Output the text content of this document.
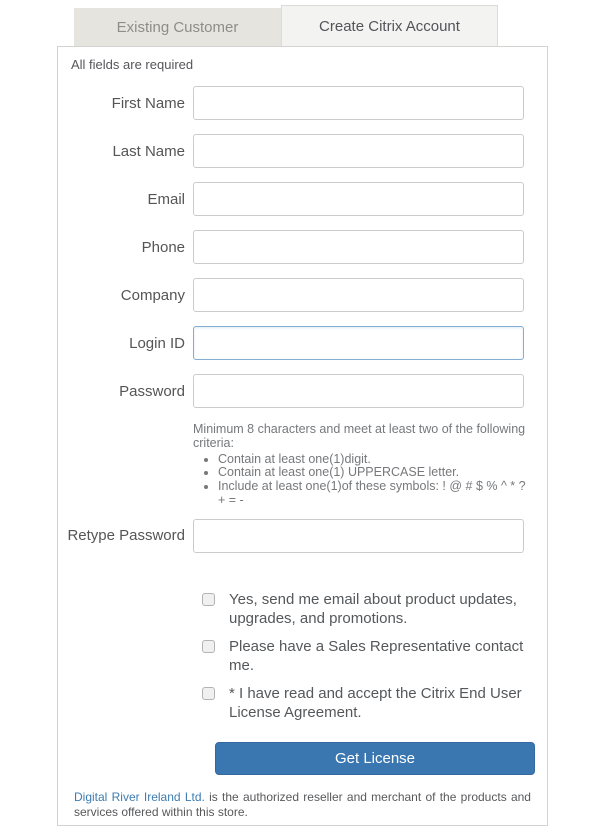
Existing Customer	Create Citrix Account
All fields are required
First Name
Last Name
Email
Phone
Company
Login ID
Password
Minimum 8 characters and meet at least two of the following criteria:
• Contain at least one(1)digit.
• Contain at least one(1) UPPERCASE letter.
• Include at least one(1)of these symbols: ! @ # $ % ^ * ? + = -
Retype Password
Yes, send me email about product updates, upgrades, and promotions.
Please have a Sales Representative contact me.
* I have read and accept the Citrix End User License Agreement.
Get License
Digital River Ireland Ltd. is the authorized reseller and merchant of the products and services offered within this store.
